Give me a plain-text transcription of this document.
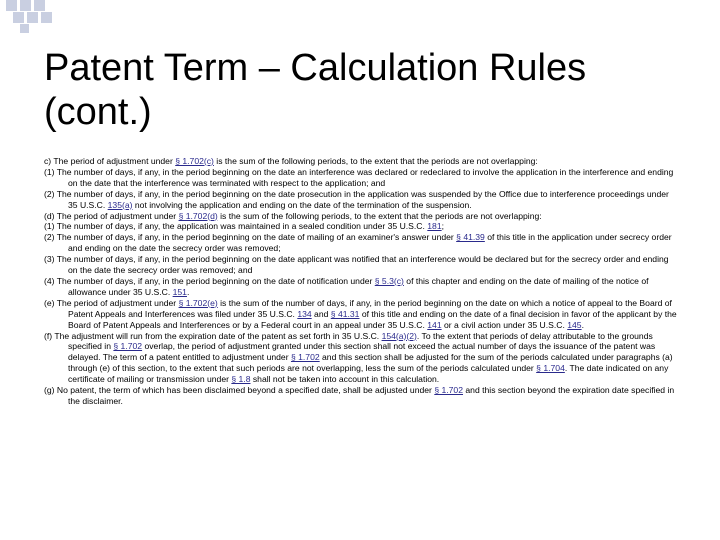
Patent Term – Calculation Rules (cont.)
c) The period of adjustment under § 1.702(c) is the sum of the following periods, to the extent that the periods are not overlapping:
(1) The number of days, if any, in the period beginning on the date an interference was declared or redeclared to involve the application in the interference and ending on the date that the interference was terminated with respect to the application; and
(2) The number of days, if any, in the period beginning on the date prosecution in the application was suspended by the Office due to interference proceedings under 35 U.S.C. 135(a) not involving the application and ending on the date of the termination of the suspension.
(d) The period of adjustment under § 1.702(d) is the sum of the following periods, to the extent that the periods are not overlapping:
(1) The number of days, if any, the application was maintained in a sealed condition under 35 U.S.C. 181;
(2) The number of days, if any, in the period beginning on the date of mailing of an examiner's answer under § 41.39 of this title in the application under secrecy order and ending on the date the secrecy order was removed;
(3) The number of days, if any, in the period beginning on the date applicant was notified that an interference would be declared but for the secrecy order and ending on the date the secrecy order was removed; and
(4) The number of days, if any, in the period beginning on the date of notification under § 5.3(c) of this chapter and ending on the date of mailing of the notice of allowance under 35 U.S.C. 151.
(e) The period of adjustment under § 1.702(e) is the sum of the number of days, if any, in the period beginning on the date on which a notice of appeal to the Board of Patent Appeals and Interferences was filed under 35 U.S.C. 134 and § 41.31 of this title and ending on the date of a final decision in favor of the applicant by the Board of Patent Appeals and Interferences or by a Federal court in an appeal under 35 U.S.C. 141 or a civil action under 35 U.S.C. 145.
(f) The adjustment will run from the expiration date of the patent as set forth in 35 U.S.C. 154(a)(2). To the extent that periods of delay attributable to the grounds specified in § 1.702 overlap, the period of adjustment granted under this section shall not exceed the actual number of days the issuance of the patent was delayed. The term of a patent entitled to adjustment under § 1.702 and this section shall be adjusted for the sum of the periods calculated under paragraphs (a) through (e) of this section, to the extent that such periods are not overlapping, less the sum of the periods calculated under § 1.704. The date indicated on any certificate of mailing or transmission under § 1.8 shall not be taken into account in this calculation.
(g) No patent, the term of which has been disclaimed beyond a specified date, shall be adjusted under § 1.702 and this section beyond the expiration date specified in the disclaimer.
